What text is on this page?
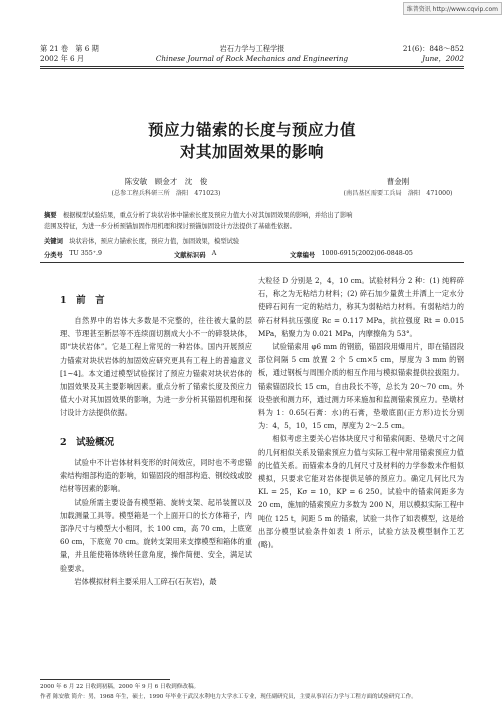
维普资讯 http://www.cqvip.com
第 21 卷　第 6 期	岩石力学与工程学报	21(6)：848～852
2002 年 6 月	Chinese Journal of Rock Mechanics and Engineering	June，2002
预应力锚索的长度与预应力值
对其加固效果的影响
陈安敏　顾金才　沈　俊	曹金刚
(总参工程兵科研三所　洛阳　471023)	(南昌基区需要工兵局　洛阳　471000)
摘要　 根据模型试验结果，重点分析了块状岩体中锚索长度及预应力值大小对其加固效果的影响，并给出了影响
范围及特征，为进一步分析预锚加固作用机理和探讨预锚加固设计方法提供了基础性依据。
关键词　 块状岩体，预应力锚索长度，预应力值，加固效果，模型试验
分类号　 TU 355⁺.9	文献标识码　 A	文章编号　 1000-6915(2002)06-0848-05
1　 前　言

自然界中的岩体大多数是不完整的，往往被大量的层理、节理甚至断层等不连续面切割成大小不一的碎裂块体，即“块状岩体”。它是工程上常见的一种岩体。国内开展预应力锚索对块状岩体的加固效应研究更具有工程上的普遍意义[1~4]。本文通过模型试验探讨了预应力锚索对块状岩体的加固效果及其主要影响因素。重点分析了锚索长度及预应力值大小对其加固效果的影响，为进一步分析其锚固机理和探讨设计方法提供依据。

2　 试验概况

试验中不计岩体材料变形的时间效应，同时也不考虑锚索结构细部构造的影响，如锚固段的细部构造、钢绞线或胶结材等因素的影响。

试验所需主要设备有模型箱、旋转支架、起吊装置以及加载测量工具等。模型箱是一个上面开口的长方体箱子，内部净尺寸与模型大小相同，长 100 cm，高 70 cm，上底宽 60 cm，下底宽 70 cm。旋转支架用来支撑模型和箱体的重量，并且能使箱体绕转任意角度，操作简便、安全，满足试验要求。

岩体模拟材料主要采用人工碎石(石灰岩)，最

大粒径 D 分别是 2，4，10 cm。试验材料分 2 种：(1) 纯粹碎石，称之为无粘结力材料；(2) 碎石加少量黄土并洒上一定水分使碎石间有一定的粘结力，称其为弱粘结力材料。有弱粘结力的碎石材料抗压强度 Rc = 0.117 MPa，抗拉强度 Rt = 0.015 MPa，粘聚力为 0.021 MPa，内摩擦角为 53°。

试验锚索用 φ6 mm 的钢筋，锚固段用爆用片，即在锚固段部位间隔 5 cm 放置 2 个 5 cm×5 cm，厚度为 3 mm 的钢板，通过钢板与周围介质的相互作用与模拟锚索提供拉拔阻力。锚索锚固段长 15 cm，自由段长不等，总长为 20～70 cm。外设垫嵌和测力环，通过测力环来施加和监测锚索预应力。垫墩材料为 1：0.65(石膏：水)的石膏，垫墩底面(正方形)边长分别为：4，5，10，15 cm，厚度为 2～2.5 cm。

相似考虑主要关心岩体块度尺寸和锚索间距、垫墩尺寸之间的几何相似关系及锚索预应力值与实际工程中常用锚索预应力值的比值关系。而锚索本身的几何尺寸及材料的力学参数未作相似模拟，只要求它能对岩体提供足够的预应力。确定几何比尺为 KL = 25，Kσ = 10，KP = 6 250。试验中的锚索间距多为 20 cm，施加的锚索预应力多数为 200 N，用以模拟实际工程中吨位 125 t，间距 5 m 的锚索，试验一共作了如表模型，这是给出部分模型试验条件如表 1 所示，试验方法及模型制作工艺(略)。

2000 年 6 月 22 日收到初稿，2000 年 9 月 6 日收到修改稿。
作者 陈安敏 简介：男，1968 年生，硕士，1990 年毕业于武汉水利电力大学水工专业，现任副研究员，主要从事岩石力学与工程方面的试验研究工作。
